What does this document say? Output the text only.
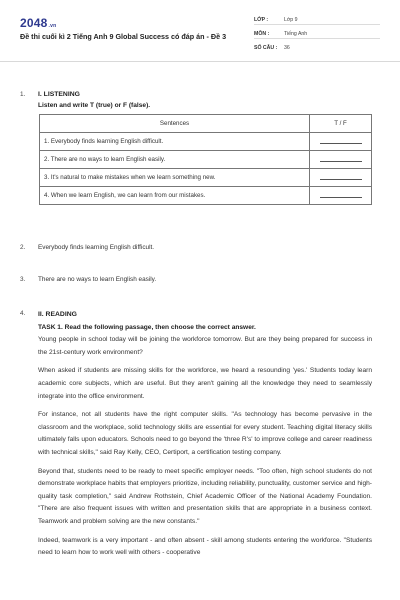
2048.vn
Đề thi cuối kì 2 Tiếng Anh 9 Global Success có đáp án - Đề 3
LỚP :	Lớp 9
MÔN :	Tiếng Anh
SỐ CÂU : 36
1. I. LISTENING
Listen and write T (true) or F (false).
Sentences	T / F
1. Everybody finds learning English difficult.	
2. There are no ways to learn English easily.	
3. It's natural to make mistakes when we learn something new.	
4. When we learn English, we can learn from our mistakes.	
2. Everybody finds learning English difficult.
3. There are no ways to learn English easily.
4. II. READING
TASK 1. Read the following passage, then choose the correct answer.

Young people in school today will be joining the workforce tomorrow. But are they being prepared for success in the 21st-century work environment?

When asked if students are missing skills for the workforce, we heard a resounding 'yes.' Students today learn academic core subjects, which are useful. But they aren't gaining all the knowledge they need to seamlessly integrate into the office environment.

For instance, not all students have the right computer skills. "As technology has become pervasive in the classroom and the workplace, solid technology skills are essential for every student. Teaching digital literacy skills ultimately falls upon educators. Schools need to go beyond the 'three R's' to improve college and career readiness with technical skills," said Ray Kelly, CEO, Certiport, a certification testing company.

Beyond that, students need to be ready to meet specific employer needs. "Too often, high school students do not demonstrate workplace habits that employers prioritize, including reliability, punctuality, customer service and high-quality task completion," said Andrew Rothstein, Chief Academic Officer of the National Academy Foundation. "There are also frequent issues with written and presentation skills that are appropriate in a business context. Teamwork and problem solving are the new constants."

Indeed, teamwork is a very important - and often absent - skill among students entering the workforce. "Students need to learn how to work well with others - cooperative
